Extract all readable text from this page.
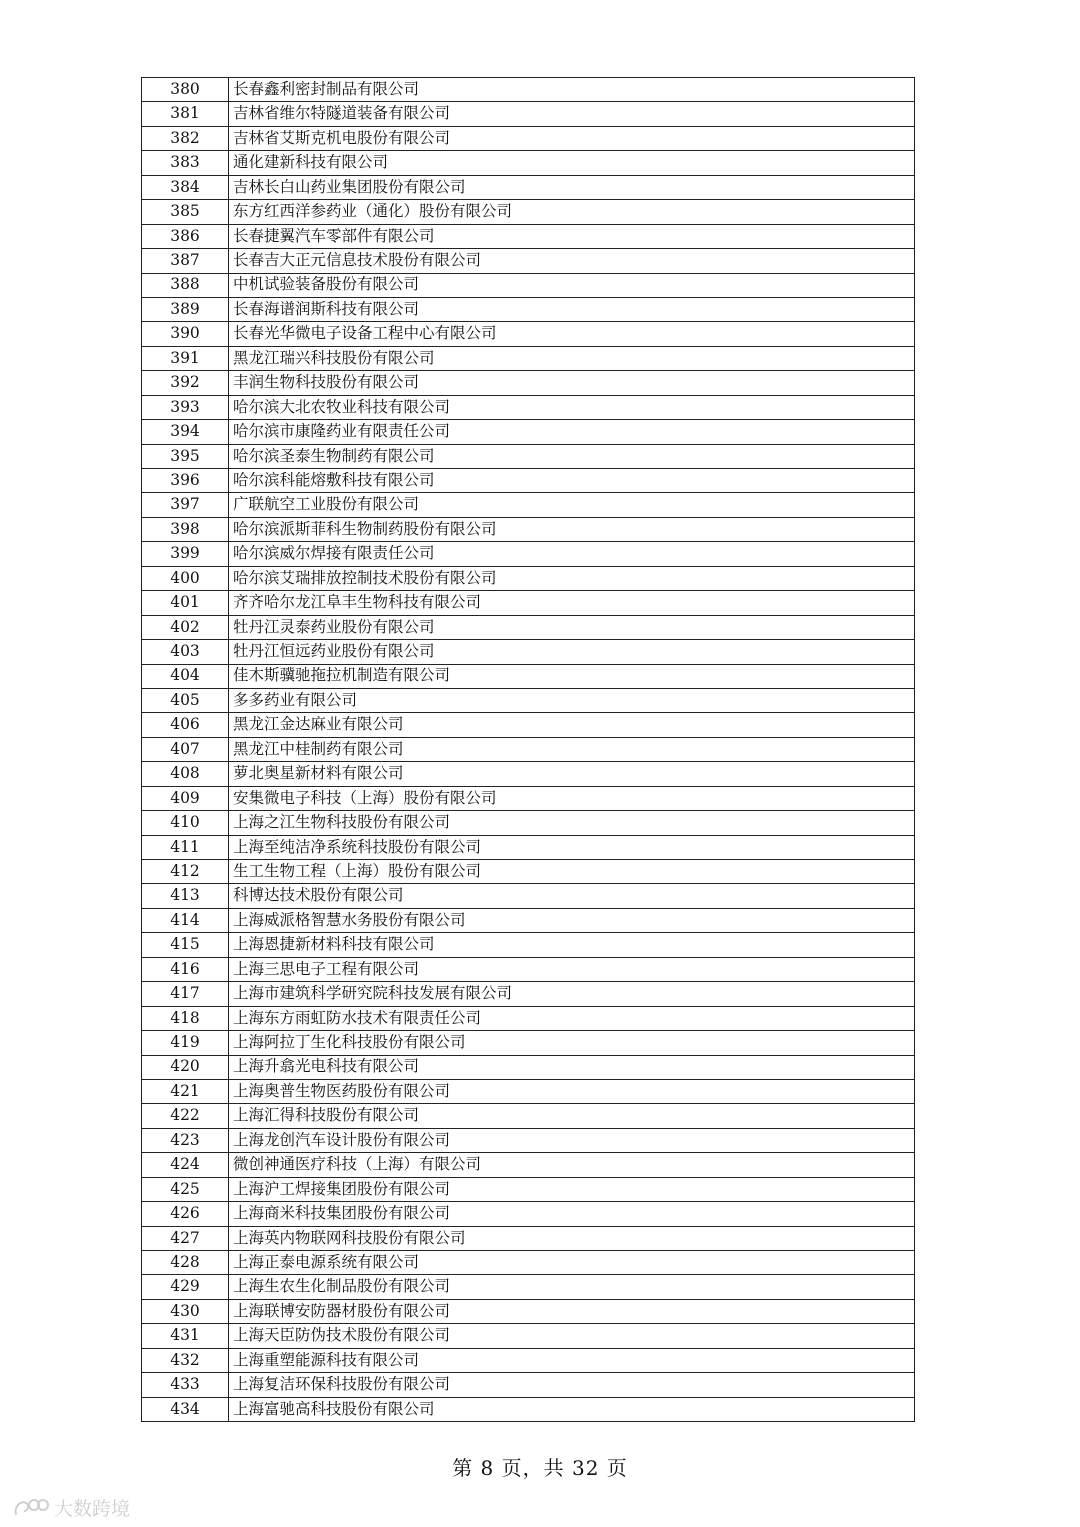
380	长春鑫利密封制品有限公司
381	吉林省维尔特隧道装备有限公司
382	吉林省艾斯克机电股份有限公司
383	通化建新科技有限公司
384	吉林长白山药业集团股份有限公司
385	东方红西洋参药业（通化）股份有限公司
386	长春捷翼汽车零部件有限公司
387	长春吉大正元信息技术股份有限公司
388	中机试验装备股份有限公司
389	长春海谱润斯科技有限公司
390	长春光华微电子设备工程中心有限公司
391	黑龙江瑞兴科技股份有限公司
392	丰润生物科技股份有限公司
393	哈尔滨大北农牧业科技有限公司
394	哈尔滨市康隆药业有限责任公司
395	哈尔滨圣泰生物制药有限公司
396	哈尔滨科能熔敷科技有限公司
397	广联航空工业股份有限公司
398	哈尔滨派斯菲科生物制药股份有限公司
399	哈尔滨威尔焊接有限责任公司
400	哈尔滨艾瑞排放控制技术股份有限公司
401	齐齐哈尔龙江阜丰生物科技有限公司
402	牡丹江灵泰药业股份有限公司
403	牡丹江恒远药业股份有限公司
404	佳木斯骥驰拖拉机制造有限公司
405	多多药业有限公司
406	黑龙江金达麻业有限公司
407	黑龙江中桂制药有限公司
408	萝北奥星新材料有限公司
409	安集微电子科技（上海）股份有限公司
410	上海之江生物科技股份有限公司
411	上海至纯洁净系统科技股份有限公司
412	生工生物工程（上海）股份有限公司
413	科博达技术股份有限公司
414	上海威派格智慧水务股份有限公司
415	上海恩捷新材料科技有限公司
416	上海三思电子工程有限公司
417	上海市建筑科学研究院科技发展有限公司
418	上海东方雨虹防水技术有限责任公司
419	上海阿拉丁生化科技股份有限公司
420	上海升翕光电科技有限公司
421	上海奥普生物医药股份有限公司
422	上海汇得科技股份有限公司
423	上海龙创汽车设计股份有限公司
424	微创神通医疗科技（上海）有限公司
425	上海沪工焊接集团股份有限公司
426	上海商米科技集团股份有限公司
427	上海英内物联网科技股份有限公司
428	上海正泰电源系统有限公司
429	上海生农生化制品股份有限公司
430	上海联博安防器材股份有限公司
431	上海天臣防伪技术股份有限公司
432	上海重塑能源科技有限公司
433	上海复洁环保科技股份有限公司
434	上海富驰高科技股份有限公司
第 8 页，共 32 页
大数跨境
